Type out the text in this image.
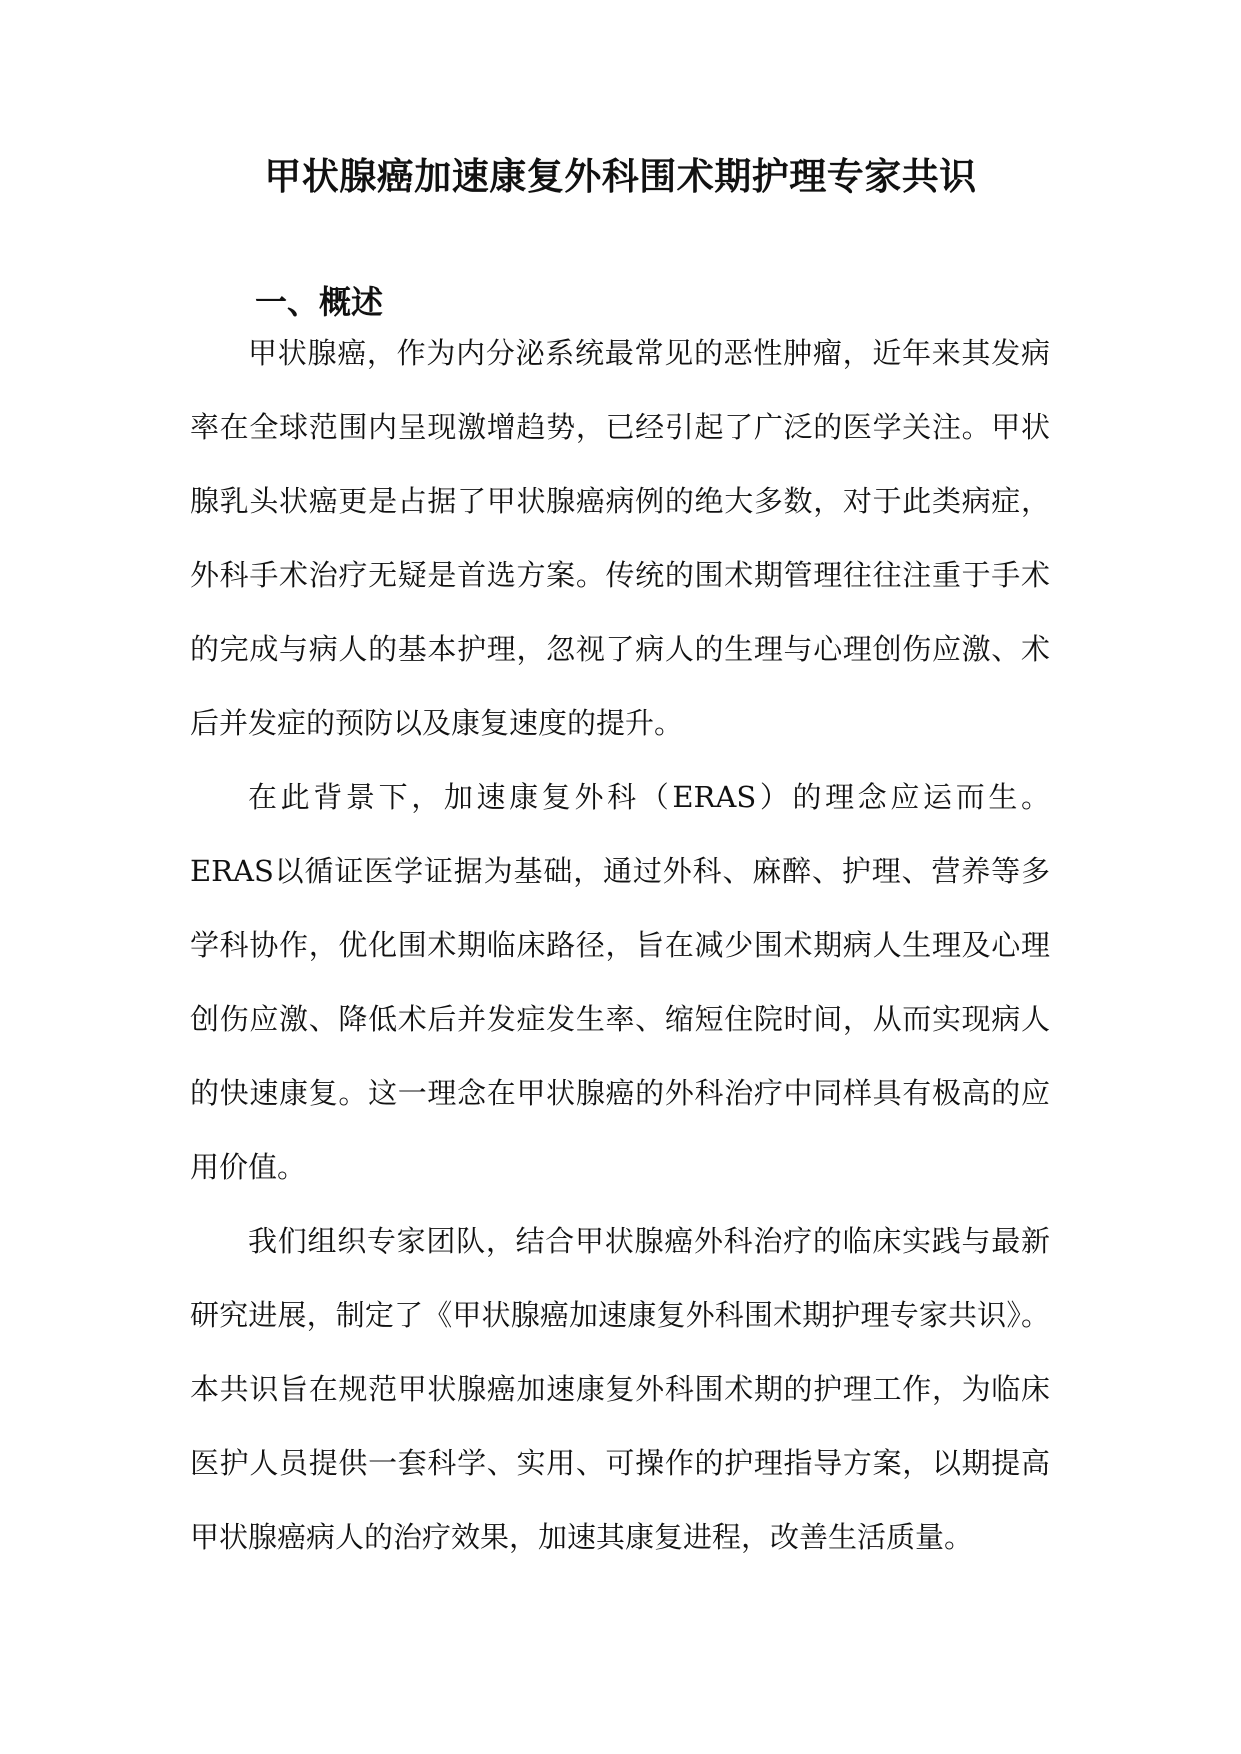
甲状腺癌加速康复外科围术期护理专家共识
一、概述

甲状腺癌，作为内分泌系统最常见的恶性肿瘤，近年来其发病率在全球范围内呈现激增趋势，已经引起了广泛的医学关注。甲状腺乳头状癌更是占据了甲状腺癌病例的绝大多数，对于此类病症，外科手术治疗无疑是首选方案。传统的围术期管理往往注重于手术的完成与病人的基本护理，忽视了病人的生理与心理创伤应激、术后并发症的预防以及康复速度的提升。

在此背景下，加速康复外科（ERAS）的理念应运而生。ERAS以循证医学证据为基础，通过外科、麻醉、护理、营养等多学科协作，优化围术期临床路径，旨在减少围术期病人生理及心理创伤应激、降低术后并发症发生率、缩短住院时间，从而实现病人的快速康复。这一理念在甲状腺癌的外科治疗中同样具有极高的应用价值。

我们组织专家团队，结合甲状腺癌外科治疗的临床实践与最新研究进展，制定了《甲状腺癌加速康复外科围术期护理专家共识》。本共识旨在规范甲状腺癌加速康复外科围术期的护理工作，为临床医护人员提供一套科学、实用、可操作的护理指导方案，以期提高甲状腺癌病人的治疗效果，加速其康复进程，改善生活质量。
